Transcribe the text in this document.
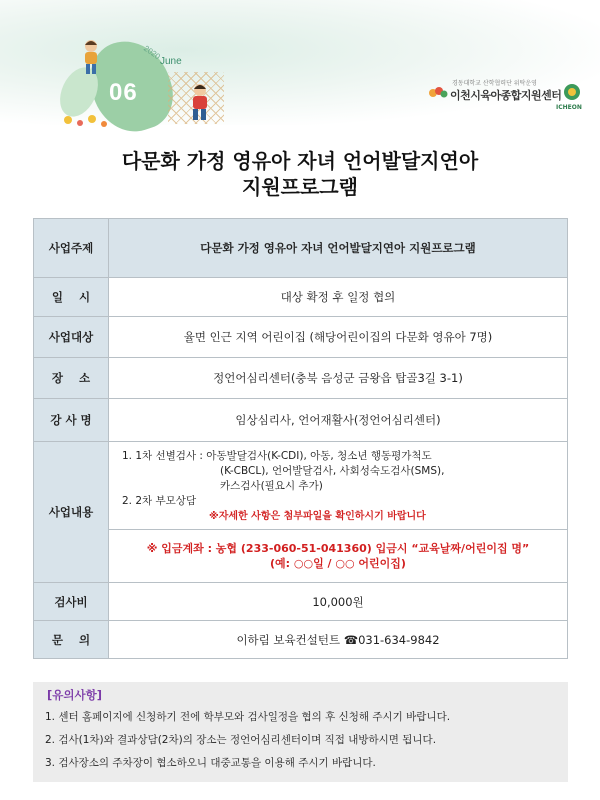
06
2020
June
경동대학교 산학협력단 위탁운영
이천시육아종합지원센터
ICHEON
다문화 가정 영유아 자녀 언어발달지연아
지원프로그램
사업주제	다문화 가정 영유아 자녀 언어발달지연아 지원프로그램
일    시	대상 확정 후 일정 협의
사업대상	율면 인근 지역 어린이집 (해당어린이집의 다문화 영유아 7명)
장    소	정언어심리센터(충북 음성군 금왕읍 탑골3길 3-1)
강 사 명	임상심리사, 언어재활사(정언어심리센터)
사업내용	1. 1차 선별검사 : 아동발달검사(K-CDI), 아동, 청소년 행동평가척도
(K-CBCL), 언어발달검사, 사회성숙도검사(SMS),
카스검사(필요시 추가)
2. 2차 부모상담
※자세한 사항은 첨부파일을 확인하시기 바랍니다

	※ 입금계좌 : 농협 (233-060-51-041360) 입금시 “교육날짜/어린이집 명”
(예: ○○일 / ○○ 어린이집)

검사비	10,000원
문    의	이하림 보육컨설턴트 ☎031-634-9842
[유의사항]
1. 센터 홈페이지에 신청하기 전에 학부모와 검사일정을 협의 후 신청해 주시기 바랍니다.
2. 검사(1차)와 결과상담(2차)의 장소는 정언어심리센터이며 직접 내방하시면 됩니다.
3. 검사장소의 주차장이 협소하오니 대중교통을 이용해 주시기 바랍니다.
